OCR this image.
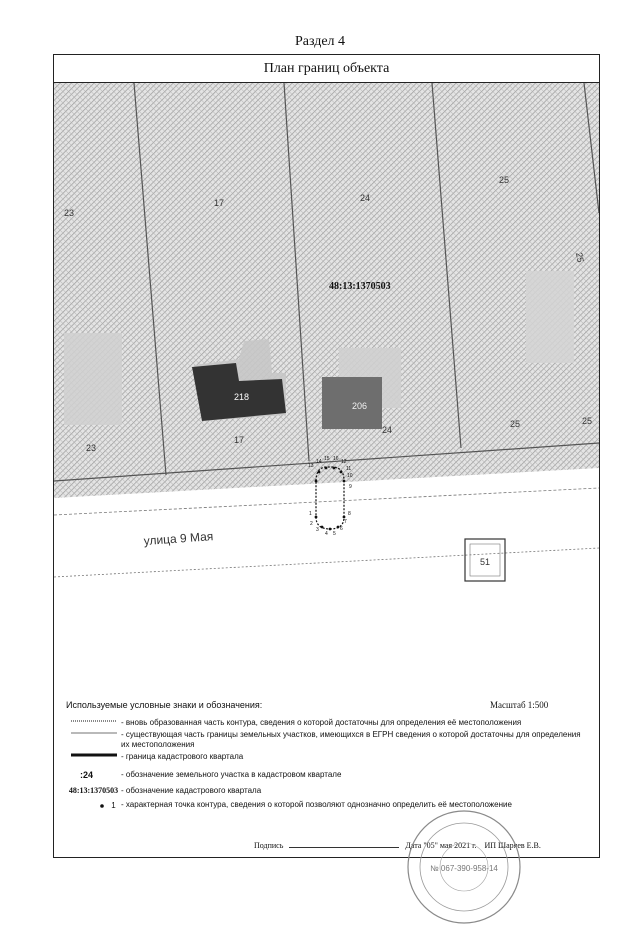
Раздел 4
План границ объекта
23
17	24
25
25
23
17
24
25	25
218
206
51
48:13:1370503
улица 9 Мая
13
14 15 16 12
11
10
9
8
7
6
5
4
3
2
1
Используемые условные знаки и обозначения:	Масштаб 1:500
- вновь образованная часть контура, сведения о которой достаточны для определения её местоположения
- существующая часть границы земельных участков, имеющихся в ЕГРН сведения о которой достаточны для определения их местоположения
- граница кадастрового квартала
:24	- обозначение земельного участка в кадастровом квартале
48:13:1370503 - обозначение кадастрового квартала
1 - характерная точка контура, сведения о которой позволяют однозначно определить её местоположение
Подпись	Дата "05" мая 2021 г. ИП Шаряев Е.В.
№ 067-390-958-14
